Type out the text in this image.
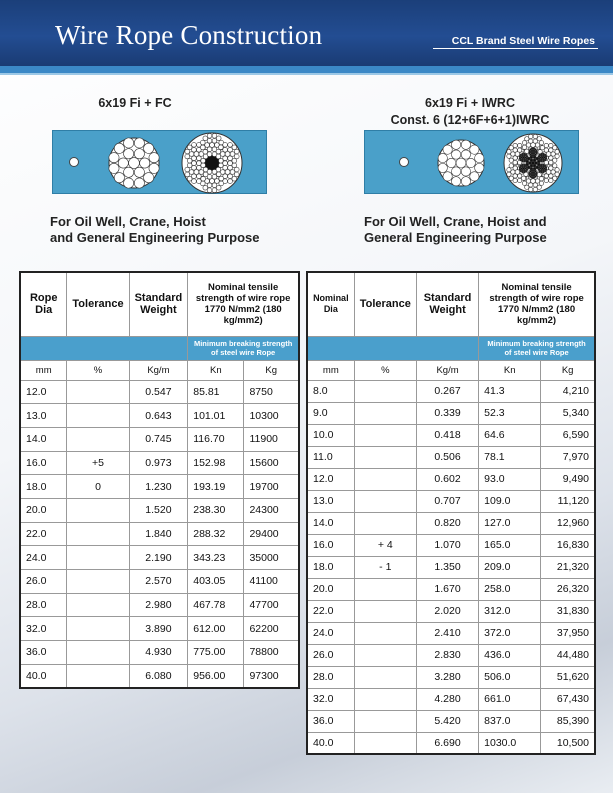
Wire Rope Construction	CCL Brand Steel Wire Ropes
6x19 Fi + FC
For Oil Well, Crane, Hoist
and General Engineering Purpose
6x19 Fi + IWRC
Const. 6 (12+6F+6+1)IWRC
For Oil Well, Crane, Hoist and
General Engineering Purpose
Rope Dia	Tolerance	Standard Weight	Nominal tensile strength of wire rope 1770 N/mm2 (180 kg/mm2)	
			Minimum breaking strength of steel wire Rope	
mm	%	Kg/m	Kn	Kg
12.0		0.547	85.81	8750
13.0		0.643	101.01	10300
14.0		0.745	116.70	11900
16.0	+5	0.973	152.98	15600
18.0	0	1.230	193.19	19700
20.0		1.520	238.30	24300
22.0		1.840	288.32	29400
24.0		2.190	343.23	35000
26.0		2.570	403.05	41100
28.0		2.980	467.78	47700
32.0		3.890	612.00	62200
36.0		4.930	775.00	78800
40.0		6.080	956.00	97300
Nominal Dia	Tolerance	Standard Weight	Nominal tensile strength of wire rope 1770 N/mm2 (180 kg/mm2)	
			Minimum breaking strength of steel wire Rope	
mm	%	Kg/m	Kn	Kg
8.0		0.267	41.3	4,210
9.0		0.339	52.3	5,340
10.0		0.418	64.6	6,590
11.0		0.506	78.1	7,970
12.0		0.602	93.0	9,490
13.0		0.707	109.0	11,120
14.0		0.820	127.0	12,960
16.0	+ 4	1.070	165.0	16,830
18.0	- 1	1.350	209.0	21,320
20.0		1.670	258.0	26,320
22.0		2.020	312.0	31,830
24.0		2.410	372.0	37,950
26.0		2.830	436.0	44,480
28.0		3.280	506.0	51,620
32.0		4.280	661.0	67,430
36.0		5.420	837.0	85,390
40.0		6.690	1030.0	10,500
